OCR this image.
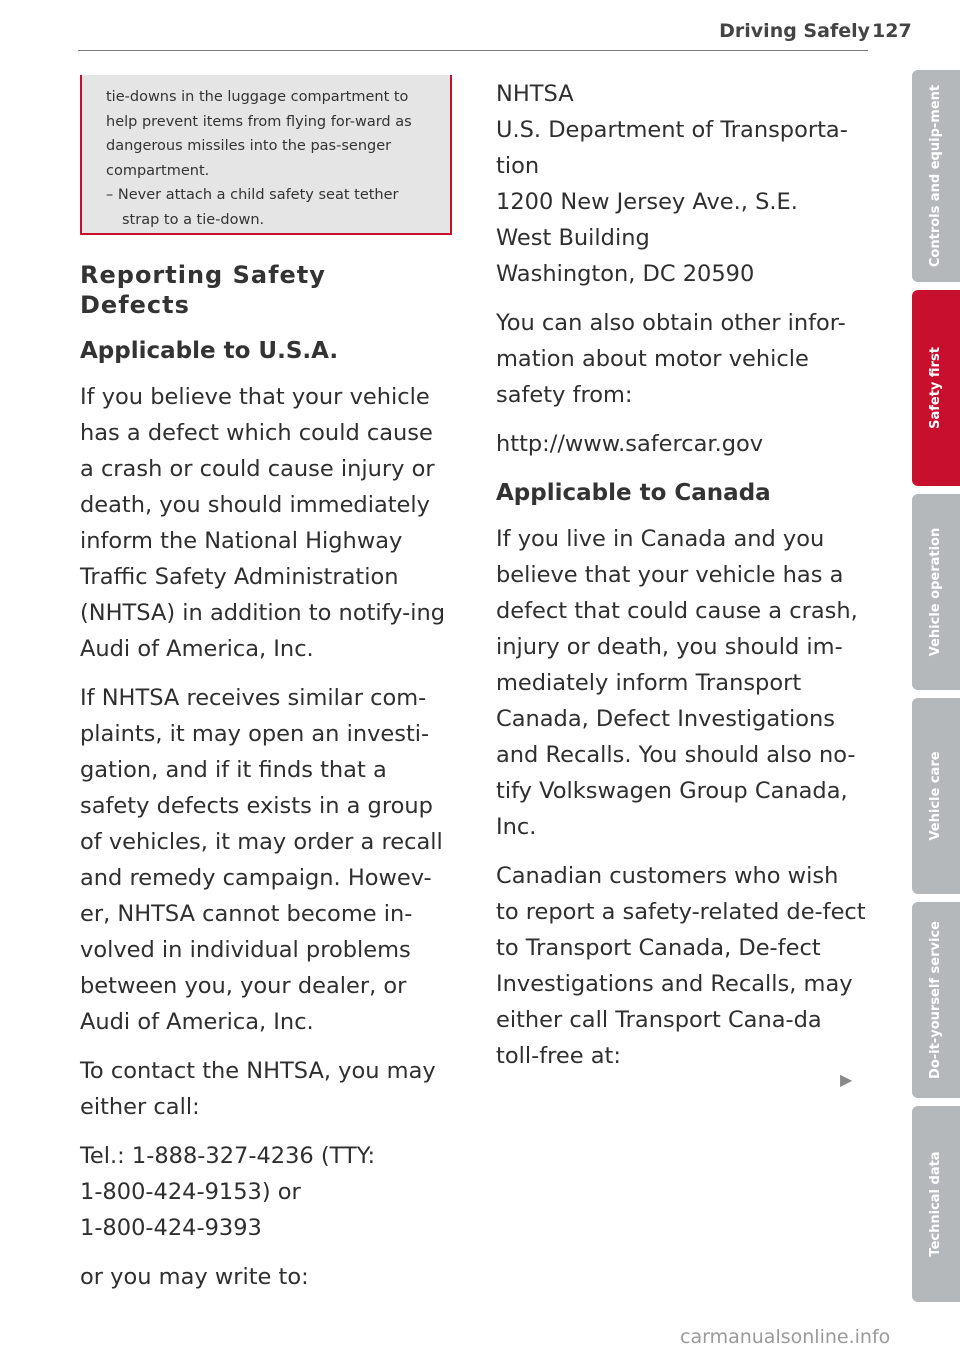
Driving Safely 127

tie-downs in the luggage compartment to help prevent items from flying for-ward as dangerous missiles into the pas-senger compartment.

– Never attach a child safety seat tether strap to a tie-down.

Reporting Safety
Defects
Applicable to U.S.A.

If you believe that your vehicle has a defect which could cause a crash or could cause injury or death, you should immediately inform the National Highway Traffic Safety Administration (NHTSA) in addition to notify-ing Audi of America, Inc.

If NHTSA receives similar com-plaints, it may open an investi-gation, and if it finds that a safety defects exists in a group of vehicles, it may order a recall and remedy campaign. Howev-er, NHTSA cannot become in-volved in individual problems between you, your dealer, or Audi of America, Inc.

To contact the NHTSA, you may either call:

Tel.: 1-888-327-4236 (TTY:
1-800-424-9153) or
1-800-424-9393

or you may write to:

NHTSA
U.S. Department of Transporta-
tion
1200 New Jersey Ave., S.E.
West Building
Washington, DC 20590

You can also obtain other infor-mation about motor vehicle safety from:

http://www.safercar.gov

Applicable to Canada

If you live in Canada and you believe that your vehicle has a defect that could cause a crash, injury or death, you should im-mediately inform Transport Canada, Defect Investigations and Recalls. You should also no-tify Volkswagen Group Canada, Inc.

Canadian customers who wish to report a safety-related de-fect to Transport Canada, De-fect Investigations and Recalls, may either call Transport Cana-da toll-free at:

▶
Controls and equip-ment
Safety first
Vehicle operation
Vehicle care
Do-it-yourself service
Technical data
carmanualsonline.info
